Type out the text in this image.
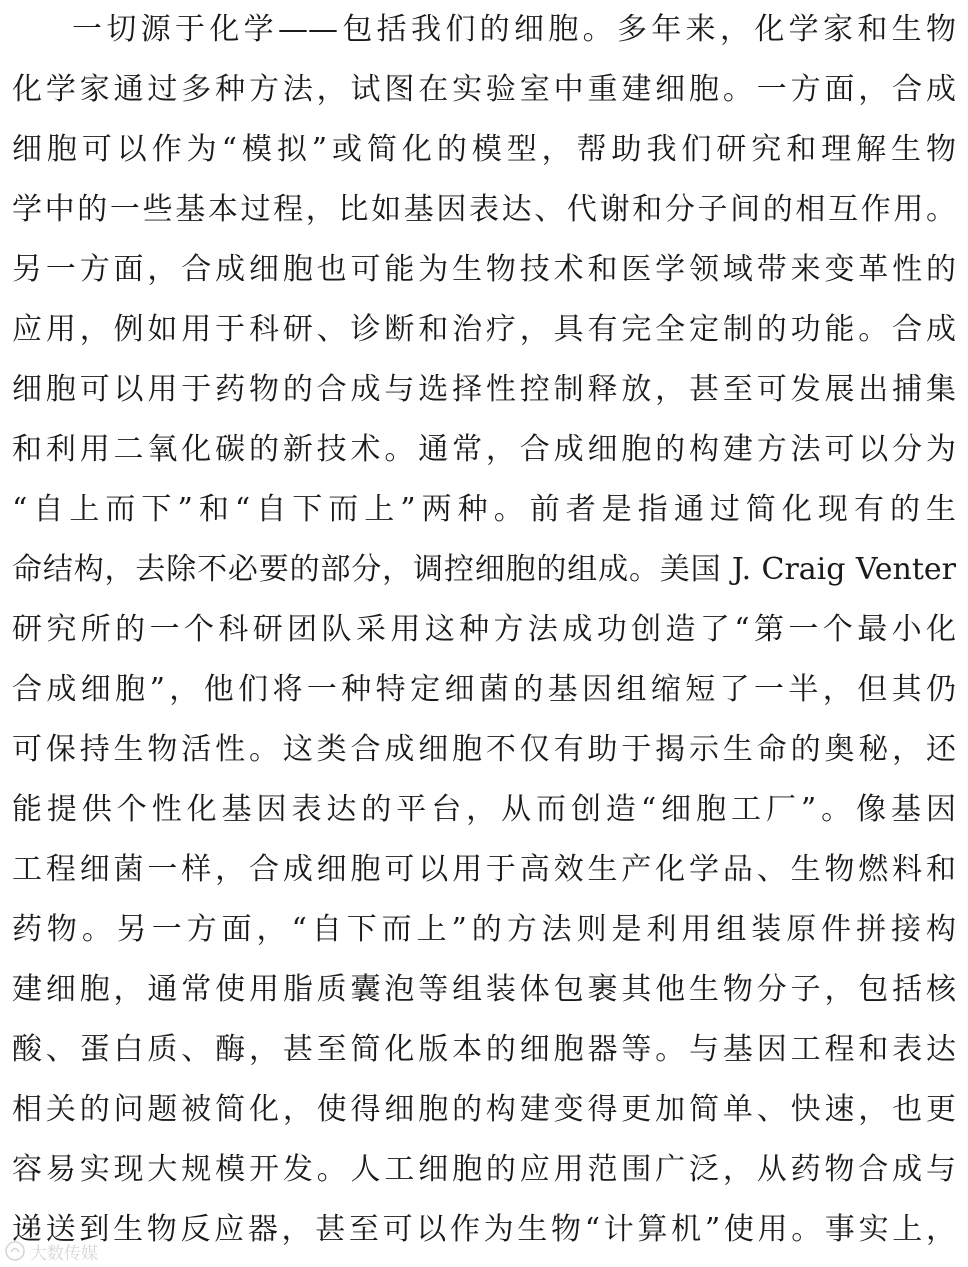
一切源于化学——包括我们的细胞。多年来，化学家和生物
化学家通过多种方法，试图在实验室中重建细胞。一方面，合成
细胞可以作为“模拟”或简化的模型，帮助我们研究和理解生物
学中的一些基本过程，比如基因表达、代谢和分子间的相互作用。
另一方面，合成细胞也可能为生物技术和医学领域带来变革性的
应用，例如用于科研、诊断和治疗，具有完全定制的功能。合成
细胞可以用于药物的合成与选择性控制释放，甚至可发展出捕集
和利用二氧化碳的新技术。通常，合成细胞的构建方法可以分为
“自上而下”和“自下而上”两种。前者是指通过简化现有的生
命结构，去除不必要的部分，调控细胞的组成。美国 J. Craig Venter
研究所的一个科研团队采用这种方法成功创造了“第一个最小化
合成细胞”，他们将一种特定细菌的基因组缩短了一半，但其仍
可保持生物活性。这类合成细胞不仅有助于揭示生命的奥秘，还
能提供个性化基因表达的平台，从而创造“细胞工厂”。像基因
工程细菌一样，合成细胞可以用于高效生产化学品、生物燃料和
药物。另一方面，“自下而上”的方法则是利用组装原件拼接构
建细胞，通常使用脂质囊泡等组装体包裹其他生物分子，包括核
酸、蛋白质、酶，甚至简化版本的细胞器等。与基因工程和表达
相关的问题被简化，使得细胞的构建变得更加简单、快速，也更
容易实现大规模开发。人工细胞的应用范围广泛，从药物合成与
递送到生物反应器，甚至可以作为生物“计算机”使用。事实上，
大数传媒
